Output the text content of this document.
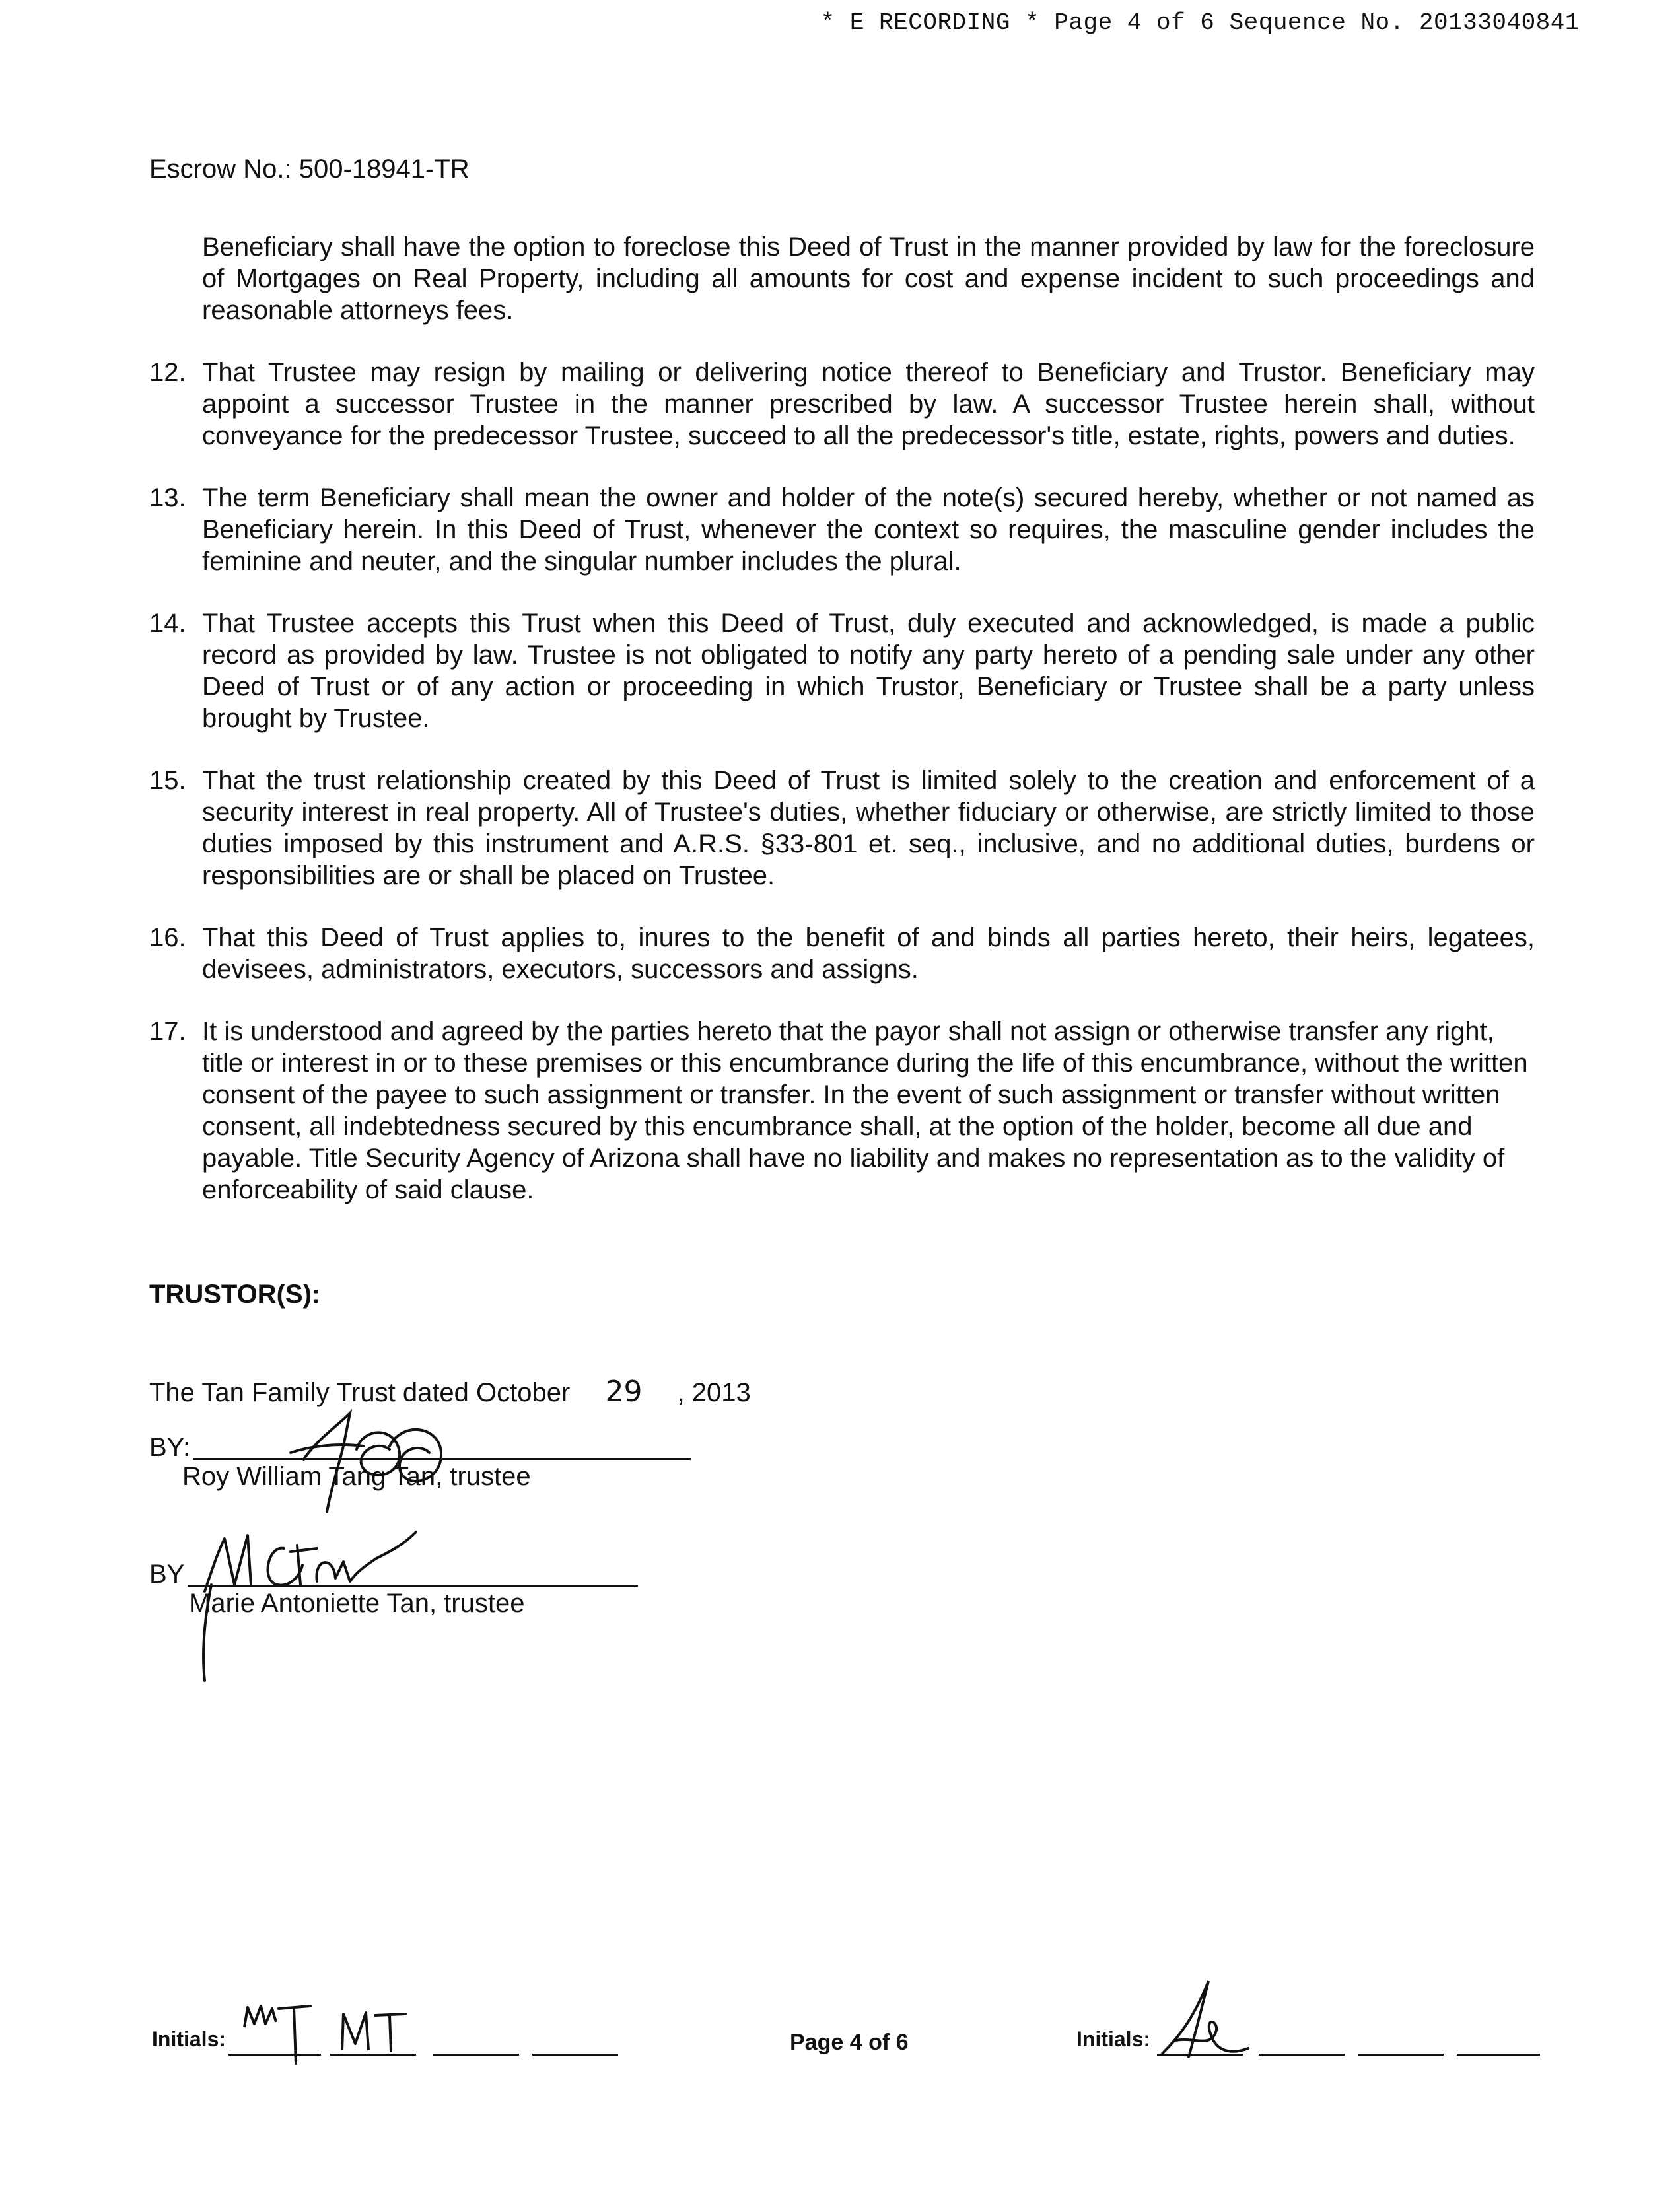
* E RECORDING * Page 4 of 6 Sequence No. 20133040841
Escrow No.: 500-18941-TR

Beneficiary shall have the option to foreclose this Deed of Trust in the manner provided by law for the foreclosure of Mortgages on Real Property, including all amounts for cost and expense incident to such proceedings and reasonable attorneys fees.

12. That Trustee may resign by mailing or delivering notice thereof to Beneficiary and Trustor. Beneficiary may appoint a successor Trustee in the manner prescribed by law. A successor Trustee herein shall, without conveyance for the predecessor Trustee, succeed to all the predecessor's title, estate, rights, powers and duties.
13. The term Beneficiary shall mean the owner and holder of the note(s) secured hereby, whether or not named as Beneficiary herein. In this Deed of Trust, whenever the context so requires, the masculine gender includes the feminine and neuter, and the singular number includes the plural.
14. That Trustee accepts this Trust when this Deed of Trust, duly executed and acknowledged, is made a public record as provided by law. Trustee is not obligated to notify any party hereto of a pending sale under any other Deed of Trust or of any action or proceeding in which Trustor, Beneficiary or Trustee shall be a party unless brought by Trustee.
15. That the trust relationship created by this Deed of Trust is limited solely to the creation and enforcement of a security interest in real property. All of Trustee's duties, whether fiduciary or otherwise, are strictly limited to those duties imposed by this instrument and A.R.S. §33-801 et. seq., inclusive, and no additional duties, burdens or responsibilities are or shall be placed on Trustee.
16. That this Deed of Trust applies to, inures to the benefit of and binds all parties hereto, their heirs, legatees, devisees, administrators, executors, successors and assigns.
17. It is understood and agreed by the parties hereto that the payor shall not assign or otherwise transfer any right, title or interest in or to these premises or this encumbrance during the life of this encumbrance, without the written consent of the payee to such assignment or transfer. In the event of such assignment or transfer without written consent, all indebtedness secured by this encumbrance shall, at the option of the holder, become all due and payable. Title Security Agency of Arizona shall have no liability and makes no representation as to the validity of enforceability of said clause.
TRUSTOR(S):
The Tan Family Trust dated October 29 , 2013
BY:
Roy William Tang Tan, trustee
BY
Marie Antoniette Tan, trustee
Initials:	Page 4 of 6	Initials:
